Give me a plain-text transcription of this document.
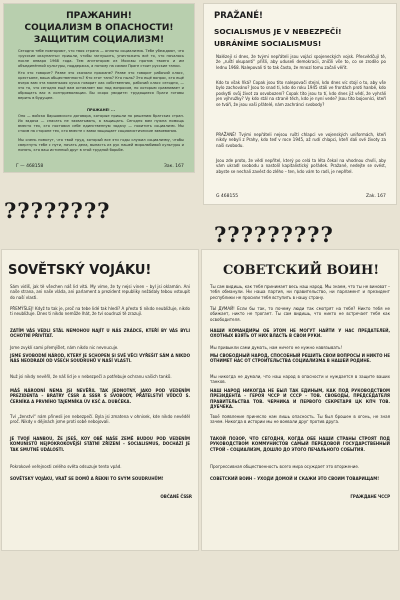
ПРАЖАНИН!
СОЦИАЛИЗМ В ОПАСНОСТИ!
ЗАЩИТИМ СОЦИАЛИЗМ!
Сегодня тебе повторяют, что твоя страна — оплоты социализма. Тебе убеждают, что «русские оккупанты» пришли, чтобы заглушить, уничтожить всё то, что началось после января 1968 года. Тем агитатором из Москвы против твоего и им объединённой культуры, поддержка, а потому на самом Праге стоит русские танки.
Кто это говорит? Разве это сказали пражане? Разве это говорит рабочий класс, крестьяне, ваша общественность? Кто этот танк? Кто пыль? Это ещё вопрос, кто ещё вчера вам эта маленькая кучка говорит как собственник, рабочий класс сегодня, — это то, что сегодня ещё вам оставляет вас под вопросом, по которым сравнивает и обращать вас в контрреволюции. Вы скоро увидите: трудящиеся Праги готовы верить в будущее.
ПРАЖАНЕ! ...
Оно — войска Варшавского договора, которые пришли по решению братских стран. Их задача — спасать не захватывать, а защищать. Сегодня вам нужна помощь вместо тех, кто поставил себе единственную задачу — похитить социализм. Мы стоим на стороне тех, кто вместе с вами защищает социалистические завоевания.
Мы очень помогут, что твой труд, который все эти годы служил социализму, чтобы свергнуть тебе с пути, начать дела, выпасть из рук нашей миролюбивой культуры и понять, кто ваш истинный друг в этой трудной борьбе.
Г — 468158	Зак. 167
PRAŽANÉ!
SOCIALISMUS JE V NEBEZPEČÍ!
UBRÁNÍME SOCIALISMUS!
Nalézejí si dnes, že tvými nepřáteli jsou vojáci spojeneckých vojsk. Přesvědčují tě, že „ruští okupanti“ přišli, aby uduseli demokracii, zničili vše to, co se zrodilo po lednu 1968. Nalepovali ti to tak často, že mnozí tomu začali věřit.
Kdo to však říká? Copak jsou tito nalepovači stejní, kdo dnes víc stojí o to, aby vše bylo zachováno? Jsou to snad ti, kdo do roku 1945 stáli ve frontách proti hanbě, kdo poskytli svůj život za osvobození? Copak tito jsou to tí, kdo dnes již vědí, že vyhráli jen výhružky? Vy kdo stál na straně těch, kdo je nyní vede? Jsou tito bojovníci, kteří se tváří, že jsou vaši přátelé, nám zachránci svobody?
PRAŽANÉ! Tvými nepřáteli nejsou ruští chlapci ve vojenských uniformách, kteří nikdy nebyli z Prahy, kdo teď v roce 1945, až rudí chlapci, kteří dali své životy za naši svobodu.
Jsou zde proto, že vědí nepřítel, který po celá ta léta čekal na vhodnou chvíli, aby vám ukradl svobodu a nastolil kapitalistický pořádek. Pražané, nedejte se svést, abyste se nechali zavést do zlého – ten, kdo vám to radí, je nepřítel.
G 468155	Zak. 167
????????
?????????
SOVĚTSKÝ VOJÁKU!
Sám vidíš, jak tě všechen náš lid vítá. My víme, že ty nejsi vinen – byl jsi oklamán. Ani naše strana, ani naše vláda, ani parlament a prezident republiky nežádaly tebou vstoupit do naší vlasti.
PŘEMÝŠLEJ! Když to tak je, proč na tebe lidé tak hledí? A přesto ti nikdo neubližuje, nikdo ti neubližuje. Dnes ti nikdo nemůže lhát, že tví soudruzi tě zrazují.
ZATÍM VÁS VEDLI STÁL NEMOHOU NAJÍT U NÁS ZRÁDCE, KTEŘÍ BY VÁS BYLI OCHOTNÍ PŘIVÍTAT.
Jsme zvyklí sami přemýšlet, nám nikdo nic nevnucuje.
JSME SVOBODNÍ NÁROD, KTERÝ JE SCHOPEN SI SVÉ VĚCI VYŘEŠIT SÁM A NIKDO NÁS NEODRADÍ OD VŠECH SOUDRUHŮ V NAŠÍ VLASTI.
Nuž jsi nikdy nevěřil, že náš lid je v nebezpečí a potřebuje ochranu vašich tanků.
MÁŠ NÁRODNÍ NEMA JSI NEVĚŘIL TAK JEDNOTNÝ, JAKO POD VEDENÍM PREZIDENTA – BRATRY ČSSR A SSSR S SVOBODY, PŘÁTELSTVÍ VŮDCŮ S. ČERNÍKA A PRVNÍHO TAJEMNÍKA ÚV KSČ A. DUBČEKA.
Tví „ženství“ nám přinesli jen nebezpečí. Byla jsi zmatena v ohnisek, kde nikdo nevěděl proč. Nikdy v dějinách jsme proti sobě nebojovali.
JE TVOJÍ HANBOU, ŽE JSEŠ, KOY OBĚ NAŠE ZEMĚ BUDOU POD VEDENÍM KOMUNISTŮ NEJPOKROKOVĚJŠÍ STÁTNÍ ZŘÍZENÍ – SOCIALISMUS, DOCHÁZÍ JE TAK SMUTNÉ UDÁLOSTI.
Pokrokové veřejnosti celého světa odsuzuje tento vpád.
SOVĚTSKÝ VOJÁKU, VRAŤ SE DOMŮ A ŘEKNI TO SVÝM SOUDRUHŮM!
OBČANÉ ČSSR
СОВЕТСКИЙ ВОИН!
Ты сам видишь, как тебя принимает весь наш народ. Мы знаем, что ты не виноват – тебя обманули. Ни наша партия, ни правительство, ни парламент и президент республики не просили тебя вступить в нашу страну.
ТЫ ДУМАЙ! Если бы так, то почему люди так смотрят на тебя? Никто тебя не обижает, никто не трогает. Ты сам видишь, что никто не встречает тебя как освободителя.
НАШИ КОМАНДИРЫ ОБ ЭТОМ НЕ МОГУТ НАЙТИ У НАС ПРЕДАТЕЛЕЙ, ОХОТНЫХ ВЗЯТЬ ОТ НИХ ВЛАСТЬ В СВОИ РУКИ.
Мы привыкли сами думать, нам ничего не нужно навязывать!
МЫ СВОБОДНЫЙ НАРОД, СПОСОБНЫЙ РЕШИТЬ СВОИ ВОПРОСЫ И НИКТО НЕ ОТНИМЕТ НАС ОТ СТРОИТЕЛЬСТВА СОЦИАЛИЗМА В НАШЕЙ РОДИНЕ.
Мы никогда не думали, что наш народ в опасности и нуждается в защите ваших танков.
НАШ НАРОД НИКОГДА НЕ БЫЛ ТАК ЕДИНЫМ, КАК ПОД РУКОВОДСТВОМ ПРЕЗИДЕНТА – ГЕРОЯ ЧССР И СССР – ТОВ. СВОБОДЫ, ПРЕДСЕДАТЕЛЯ ПРАВИТЕЛЬСТВА ТОВ. ЧЕРНИКА И ПЕРВОГО СЕКРЕТАРЯ ЦК КПЧ ТОВ. ДУБЧЕКА.
Твоё появление принесло нам лишь опасность. Ты был брошен в огонь, не зная зачем. Никогда в истории мы не воевали друг против друга.
ТАКОЙ ПОЗОР, ЧТО СЕГОДНЯ, КОГДА ОБЕ НАШИ СТРАНЫ СТРОЯТ ПОД РУКОВОДСТВОМ КОММУНИСТОВ САМЫЙ ПЕРЕДОВОЙ ГОСУДАРСТВЕННЫЙ СТРОЙ – СОЦИАЛИЗМ, ДОШЛО ДО ЭТОГО ПЕЧАЛЬНОГО СОБЫТИЯ.
Прогрессивная общественность всего мира осуждает это вторжение.
СОВЕТСКИЙ ВОИН – УХОДИ ДОМОЙ И СКАЖИ ЭТО СВОИМ ТОВАРИЩАМ!
ГРАЖДАНЕ ЧССР
